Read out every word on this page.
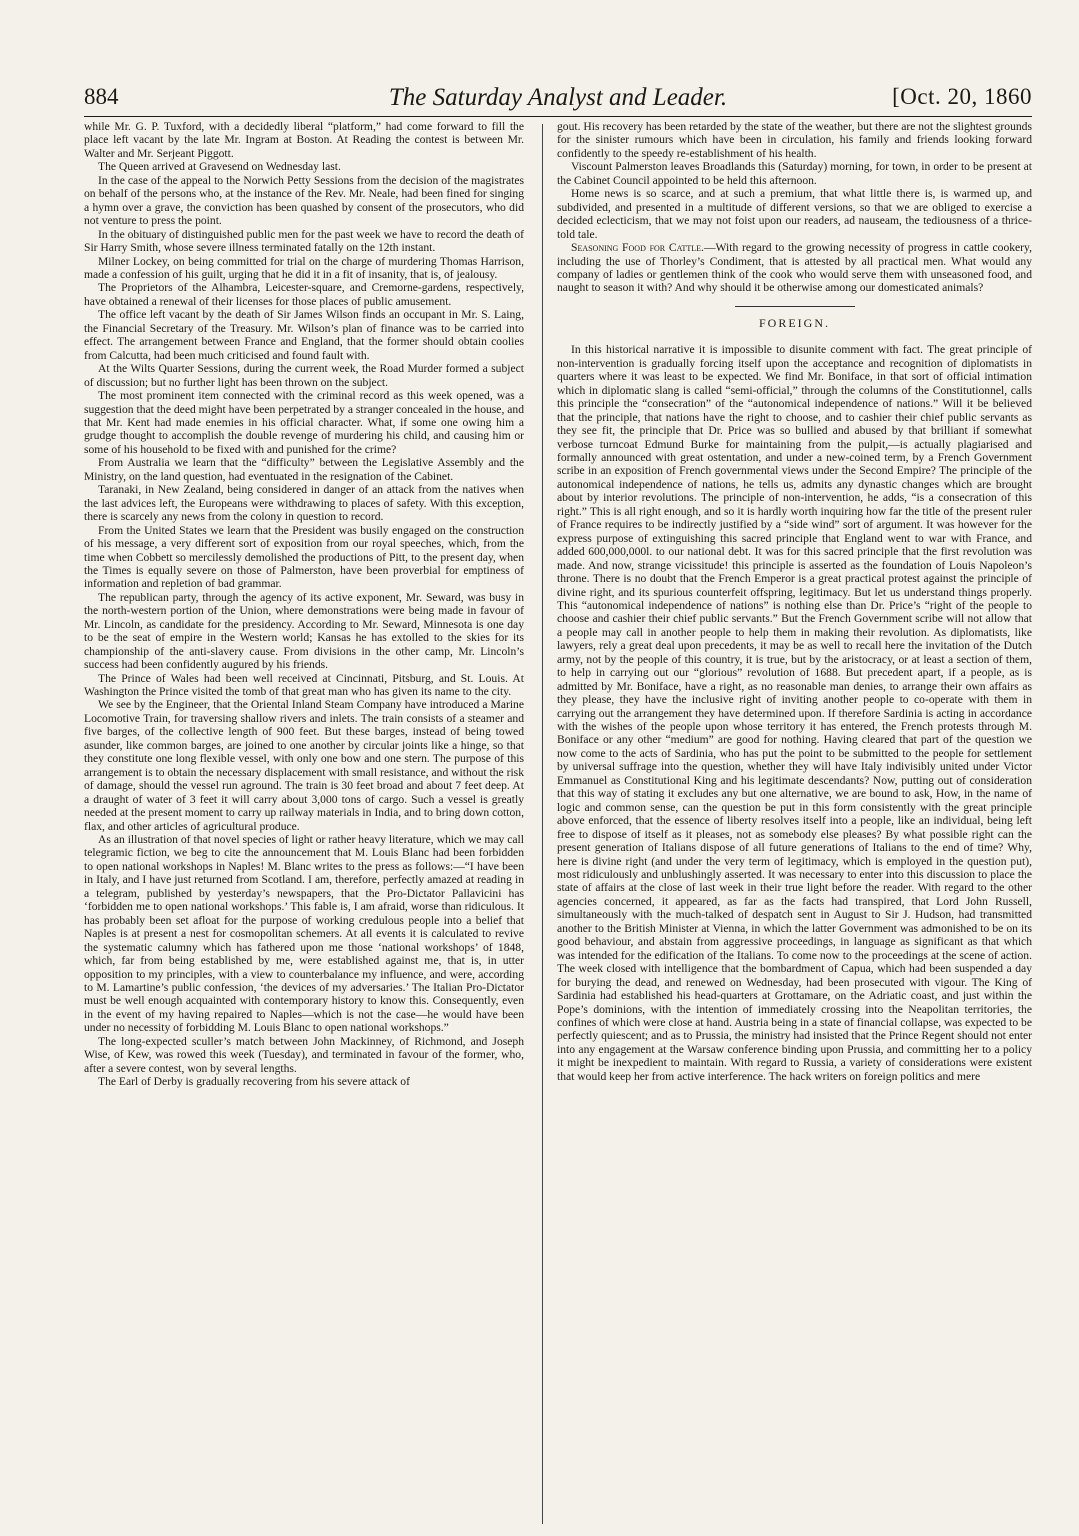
884	The Saturday Analyst and Leader.	[Oct. 20, 1860

while Mr. G. P. Tuxford, with a decidedly liberal “platform,” had come forward to fill the place left vacant by the late Mr. Ingram at Boston. At Reading the contest is between Mr. Walter and Mr. Serjeant Piggott.

The Queen arrived at Gravesend on Wednesday last.

In the case of the appeal to the Norwich Petty Sessions from the decision of the magistrates on behalf of the persons who, at the instance of the Rev. Mr. Neale, had been fined for singing a hymn over a grave, the conviction has been quashed by consent of the prosecutors, who did not venture to press the point.

In the obituary of distinguished public men for the past week we have to record the death of Sir Harry Smith, whose severe illness terminated fatally on the 12th instant.

Milner Lockey, on being committed for trial on the charge of murdering Thomas Harrison, made a confession of his guilt, urging that he did it in a fit of insanity, that is, of jealousy.

The Proprietors of the Alhambra, Leicester-square, and Cremorne-gardens, respectively, have obtained a renewal of their licenses for those places of public amusement.

The office left vacant by the death of Sir James Wilson finds an occupant in Mr. S. Laing, the Financial Secretary of the Treasury. Mr. Wilson’s plan of finance was to be carried into effect. The arrangement between France and England, that the former should obtain coolies from Calcutta, had been much criticised and found fault with.

At the Wilts Quarter Sessions, during the current week, the Road Murder formed a subject of discussion; but no further light has been thrown on the subject.

The most prominent item connected with the criminal record as this week opened, was a suggestion that the deed might have been perpetrated by a stranger concealed in the house, and that Mr. Kent had made enemies in his official character. What, if some one owing him a grudge thought to accomplish the double revenge of murdering his child, and causing him or some of his household to be fixed with and punished for the crime?

From Australia we learn that the “difficulty” between the Legislative Assembly and the Ministry, on the land question, had eventuated in the resignation of the Cabinet.

Taranaki, in New Zealand, being considered in danger of an attack from the natives when the last advices left, the Europeans were withdrawing to places of safety. With this exception, there is scarcely any news from the colony in question to record.

From the United States we learn that the President was busily engaged on the construction of his message, a very different sort of exposition from our royal speeches, which, from the time when Cobbett so mercilessly demolished the productions of Pitt, to the present day, when the Times is equally severe on those of Palmerston, have been proverbial for emptiness of information and repletion of bad grammar.

The republican party, through the agency of its active exponent, Mr. Seward, was busy in the north-western portion of the Union, where demonstrations were being made in favour of Mr. Lincoln, as candidate for the presidency. According to Mr. Seward, Minnesota is one day to be the seat of empire in the Western world; Kansas he has extolled to the skies for its championship of the anti-slavery cause. From divisions in the other camp, Mr. Lincoln’s success had been confidently augured by his friends.

The Prince of Wales had been well received at Cincinnati, Pitsburg, and St. Louis. At Washington the Prince visited the tomb of that great man who has given its name to the city.

We see by the Engineer, that the Oriental Inland Steam Company have introduced a Marine Locomotive Train, for traversing shallow rivers and inlets. The train consists of a steamer and five barges, of the collective length of 900 feet. But these barges, instead of being towed asunder, like common barges, are joined to one another by circular joints like a hinge, so that they constitute one long flexible vessel, with only one bow and one stern. The purpose of this arrangement is to obtain the necessary displacement with small resistance, and without the risk of damage, should the vessel run aground. The train is 30 feet broad and about 7 feet deep. At a draught of water of 3 feet it will carry about 3,000 tons of cargo. Such a vessel is greatly needed at the present moment to carry up railway materials in India, and to bring down cotton, flax, and other articles of agricultural produce.

As an illustration of that novel species of light or rather heavy literature, which we may call telegramic fiction, we beg to cite the announcement that M. Louis Blanc had been forbidden to open national workshops in Naples! M. Blanc writes to the press as follows:—“I have been in Italy, and I have just returned from Scotland. I am, therefore, perfectly amazed at reading in a telegram, published by yesterday’s newspapers, that the Pro-Dictator Pallavicini has ‘forbidden me to open national workshops.’ This fable is, I am afraid, worse than ridiculous. It has probably been set afloat for the purpose of working credulous people into a belief that Naples is at present a nest for cosmopolitan schemers. At all events it is calculated to revive the systematic calumny which has fathered upon me those ‘national workshops’ of 1848, which, far from being established by me, were established against me, that is, in utter opposition to my principles, with a view to counterbalance my influence, and were, according to M. Lamartine’s public confession, ‘the devices of my adversaries.’ The Italian Pro-Dictator must be well enough acquainted with contemporary history to know this. Consequently, even in the event of my having repaired to Naples—which is not the case—he would have been under no necessity of forbidding M. Louis Blanc to open national workshops.”

The long-expected sculler’s match between John Mackinney, of Richmond, and Joseph Wise, of Kew, was rowed this week (Tuesday), and terminated in favour of the former, who, after a severe contest, won by several lengths.

The Earl of Derby is gradually recovering from his severe attack of

gout. His recovery has been retarded by the state of the weather, but there are not the slightest grounds for the sinister rumours which have been in circulation, his family and friends looking forward confidently to the speedy re-establishment of his health.

Viscount Palmerston leaves Broadlands this (Saturday) morning, for town, in order to be present at the Cabinet Council appointed to be held this afternoon.

Home news is so scarce, and at such a premium, that what little there is, is warmed up, and subdivided, and presented in a multitude of different versions, so that we are obliged to exercise a decided eclecticism, that we may not foist upon our readers, ad nauseam, the tediousness of a thrice-told tale.

Seasoning Food for Cattle.—With regard to the growing necessity of progress in cattle cookery, including the use of Thorley’s Condiment, that is attested by all practical men. What would any company of ladies or gentlemen think of the cook who would serve them with unseasoned food, and naught to season it with? And why should it be otherwise among our domesticated animals?

FOREIGN.

In this historical narrative it is impossible to disunite comment with fact. The great principle of non-intervention is gradually forcing itself upon the acceptance and recognition of diplomatists in quarters where it was least to be expected. We find Mr. Boniface, in that sort of official intimation which in diplomatic slang is called “semi-official,” through the columns of the Constitutionnel, calls this principle the “consecration” of the “autonomical independence of nations.” Will it be believed that the principle, that nations have the right to choose, and to cashier their chief public servants as they see fit, the principle that Dr. Price was so bullied and abused by that brilliant if somewhat verbose turncoat Edmund Burke for maintaining from the pulpit,—is actually plagiarised and formally announced with great ostentation, and under a new-coined term, by a French Government scribe in an exposition of French governmental views under the Second Empire? The principle of the autonomical independence of nations, he tells us, admits any dynastic changes which are brought about by interior revolutions. The principle of non-intervention, he adds, “is a consecration of this right.” This is all right enough, and so it is hardly worth inquiring how far the title of the present ruler of France requires to be indirectly justified by a “side wind” sort of argument. It was however for the express purpose of extinguishing this sacred principle that England went to war with France, and added 600,000,000l. to our national debt. It was for this sacred principle that the first revolution was made. And now, strange vicissitude! this principle is asserted as the foundation of Louis Napoleon’s throne. There is no doubt that the French Emperor is a great practical protest against the principle of divine right, and its spurious counterfeit offspring, legitimacy. But let us understand things properly. This “autonomical independence of nations” is nothing else than Dr. Price’s “right of the people to choose and cashier their chief public servants.” But the French Government scribe will not allow that a people may call in another people to help them in making their revolution. As diplomatists, like lawyers, rely a great deal upon precedents, it may be as well to recall here the invitation of the Dutch army, not by the people of this country, it is true, but by the aristocracy, or at least a section of them, to help in carrying out our “glorious” revolution of 1688. But precedent apart, if a people, as is admitted by Mr. Boniface, have a right, as no reasonable man denies, to arrange their own affairs as they please, they have the inclusive right of inviting another people to co-operate with them in carrying out the arrangement they have determined upon. If therefore Sardinia is acting in accordance with the wishes of the people upon whose territory it has entered, the French protests through M. Boniface or any other “medium” are good for nothing. Having cleared that part of the question we now come to the acts of Sardinia, who has put the point to be submitted to the people for settlement by universal suffrage into the question, whether they will have Italy indivisibly united under Victor Emmanuel as Constitutional King and his legitimate descendants? Now, putting out of consideration that this way of stating it excludes any but one alternative, we are bound to ask, How, in the name of logic and common sense, can the question be put in this form consistently with the great principle above enforced, that the essence of liberty resolves itself into a people, like an individual, being left free to dispose of itself as it pleases, not as somebody else pleases? By what possible right can the present generation of Italians dispose of all future generations of Italians to the end of time? Why, here is divine right (and under the very term of legitimacy, which is employed in the question put), most ridiculously and unblushingly asserted. It was necessary to enter into this discussion to place the state of affairs at the close of last week in their true light before the reader. With regard to the other agencies concerned, it appeared, as far as the facts had transpired, that Lord John Russell, simultaneously with the much-talked of despatch sent in August to Sir J. Hudson, had transmitted another to the British Minister at Vienna, in which the latter Government was admonished to be on its good behaviour, and abstain from aggressive proceedings, in language as significant as that which was intended for the edification of the Italians. To come now to the proceedings at the scene of action. The week closed with intelligence that the bombardment of Capua, which had been suspended a day for burying the dead, and renewed on Wednesday, had been prosecuted with vigour. The King of Sardinia had established his head-quarters at Grottamare, on the Adriatic coast, and just within the Pope’s dominions, with the intention of immediately crossing into the Neapolitan territories, the confines of which were close at hand. Austria being in a state of financial collapse, was expected to be perfectly quiescent; and as to Prussia, the ministry had insisted that the Prince Regent should not enter into any engagement at the Warsaw conference binding upon Prussia, and committing her to a policy it might be inexpedient to maintain. With regard to Russia, a variety of considerations were existent that would keep her from active interference. The hack writers on foreign politics and mere
